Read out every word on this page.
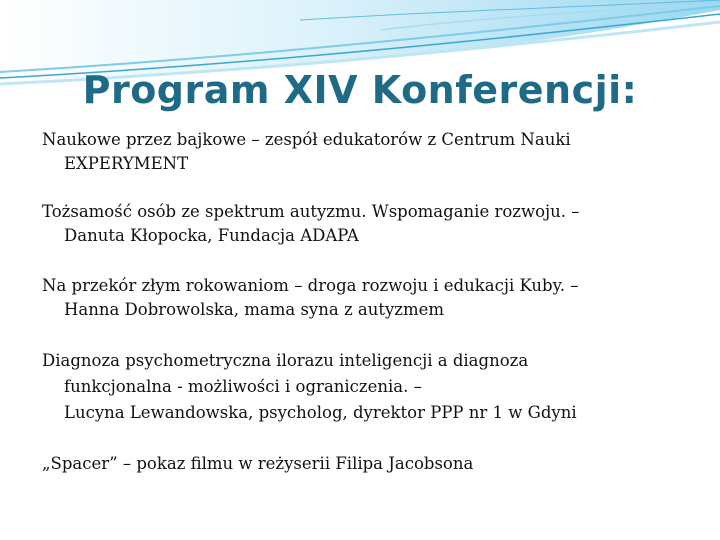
Program XIV Konferencji:
Naukowe przez bajkowe – zespół edukatorów z Centrum Nauki
EXPERYMENT
Tożsamość osób ze spektrum autyzmu. Wspomaganie rozwoju. –
Danuta Kłopocka, Fundacja ADAPA
Na przekór złym rokowaniom – droga rozwoju i edukacji Kuby. –
Hanna Dobrowolska, mama syna z autyzmem
Diagnoza psychometryczna ilorazu inteligencji a diagnoza
funkcjonalna - możliwości i ograniczenia. –
Lucyna Lewandowska, psycholog, dyrektor PPP nr 1 w Gdyni
„Spacer” – pokaz filmu w reżyserii Filipa Jacobsona
